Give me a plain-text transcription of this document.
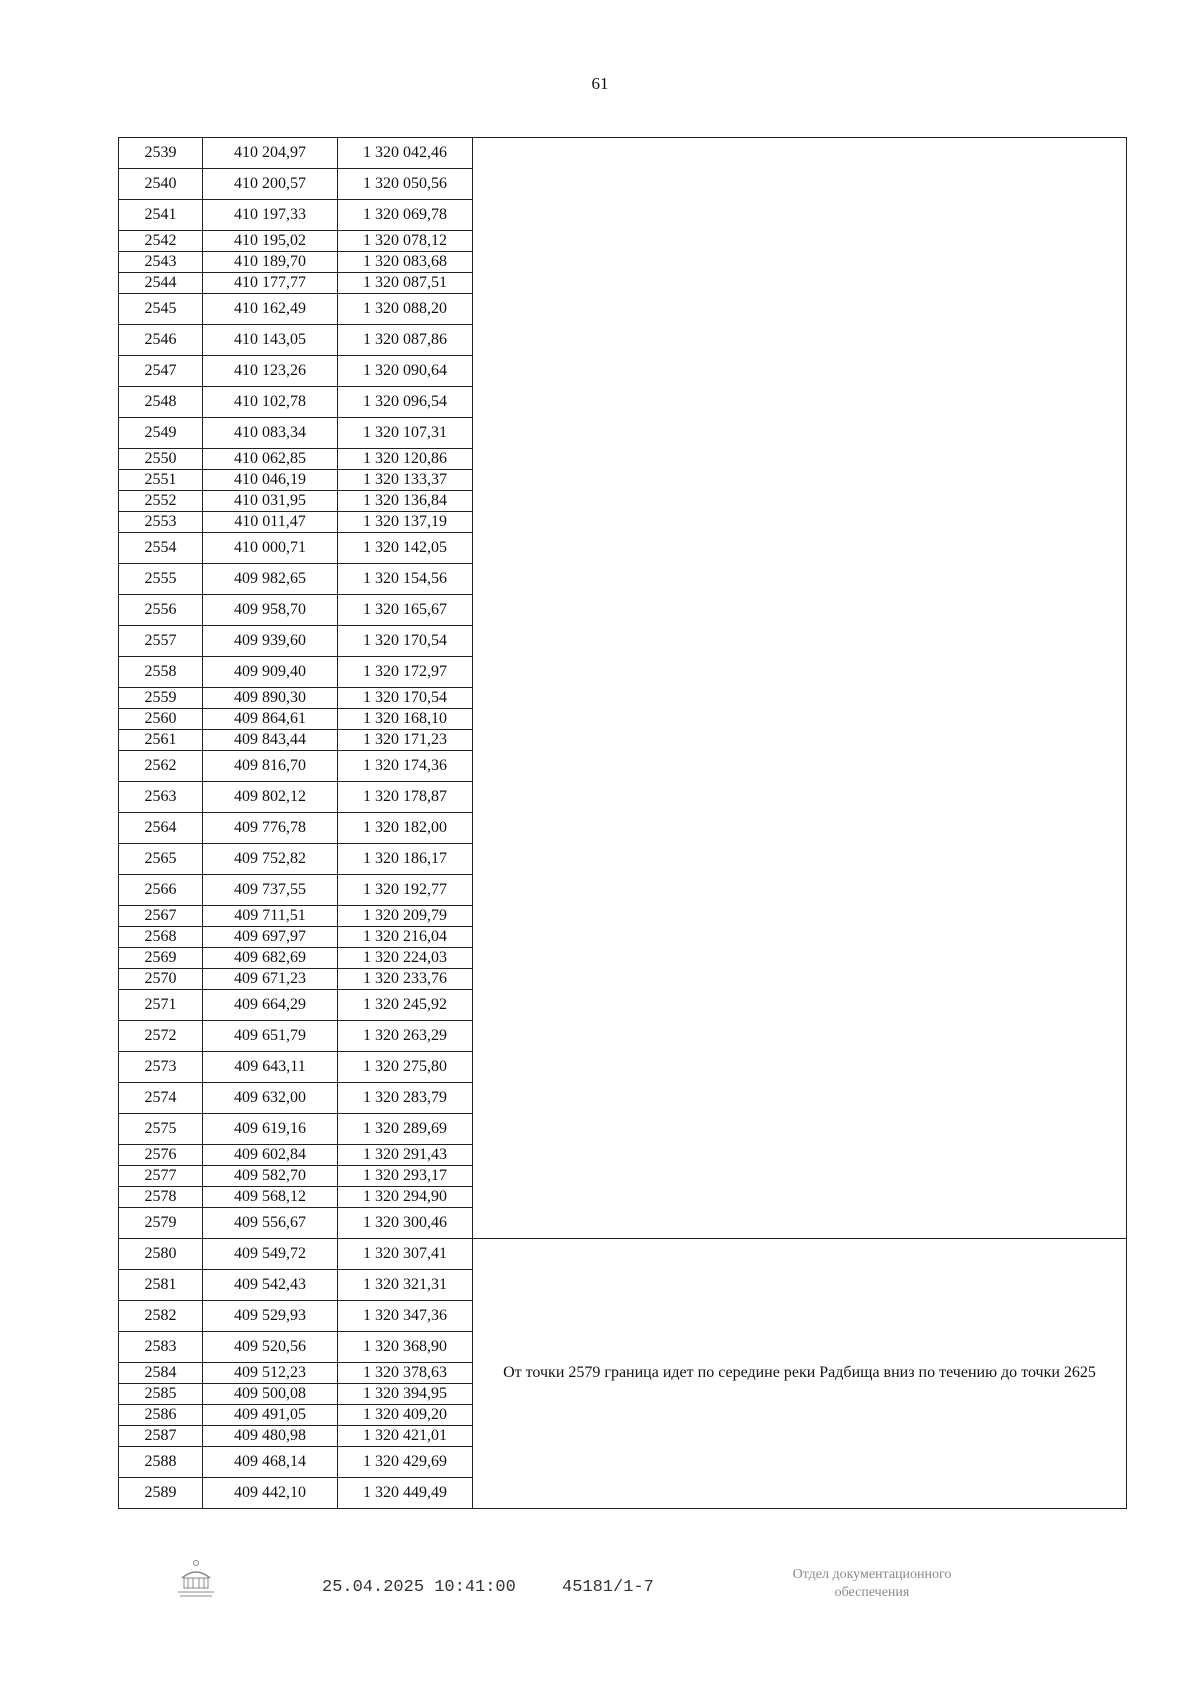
61
2539	410 204,97	1 320 042,46	
2540	410 200,57	1 320 050,56	
2541	410 197,33	1 320 069,78	
2542	410 195,02	1 320 078,12	
2543	410 189,70	1 320 083,68	
2544	410 177,77	1 320 087,51	
2545	410 162,49	1 320 088,20	
2546	410 143,05	1 320 087,86	
2547	410 123,26	1 320 090,64	
2548	410 102,78	1 320 096,54	
2549	410 083,34	1 320 107,31	
2550	410 062,85	1 320 120,86	
2551	410 046,19	1 320 133,37	
2552	410 031,95	1 320 136,84	
2553	410 011,47	1 320 137,19	
2554	410 000,71	1 320 142,05	
2555	409 982,65	1 320 154,56	
2556	409 958,70	1 320 165,67	
2557	409 939,60	1 320 170,54	
2558	409 909,40	1 320 172,97	
2559	409 890,30	1 320 170,54	
2560	409 864,61	1 320 168,10	
2561	409 843,44	1 320 171,23	
2562	409 816,70	1 320 174,36	
2563	409 802,12	1 320 178,87	
2564	409 776,78	1 320 182,00	
2565	409 752,82	1 320 186,17	
2566	409 737,55	1 320 192,77	
2567	409 711,51	1 320 209,79	
2568	409 697,97	1 320 216,04	
2569	409 682,69	1 320 224,03	
2570	409 671,23	1 320 233,76	
2571	409 664,29	1 320 245,92	
2572	409 651,79	1 320 263,29	
2573	409 643,11	1 320 275,80	
2574	409 632,00	1 320 283,79	
2575	409 619,16	1 320 289,69	
2576	409 602,84	1 320 291,43	
2577	409 582,70	1 320 293,17	
2578	409 568,12	1 320 294,90	
2579	409 556,67	1 320 300,46	
2580	409 549,72	1 320 307,41	От точки 2579 граница идет по середине реки Радбища вниз по течению до точки 2625
2581	409 542,43	1 320 321,31	
2582	409 529,93	1 320 347,36	
2583	409 520,56	1 320 368,90	
2584	409 512,23	1 320 378,63	
2585	409 500,08	1 320 394,95	
2586	409 491,05	1 320 409,20	
2587	409 480,98	1 320 421,01	
2588	409 468,14	1 320 429,69	
2589	409 442,10	1 320 449,49	
25.04.2025 10:41:00	45181/1-7
Отдел документационного
обеспечения
